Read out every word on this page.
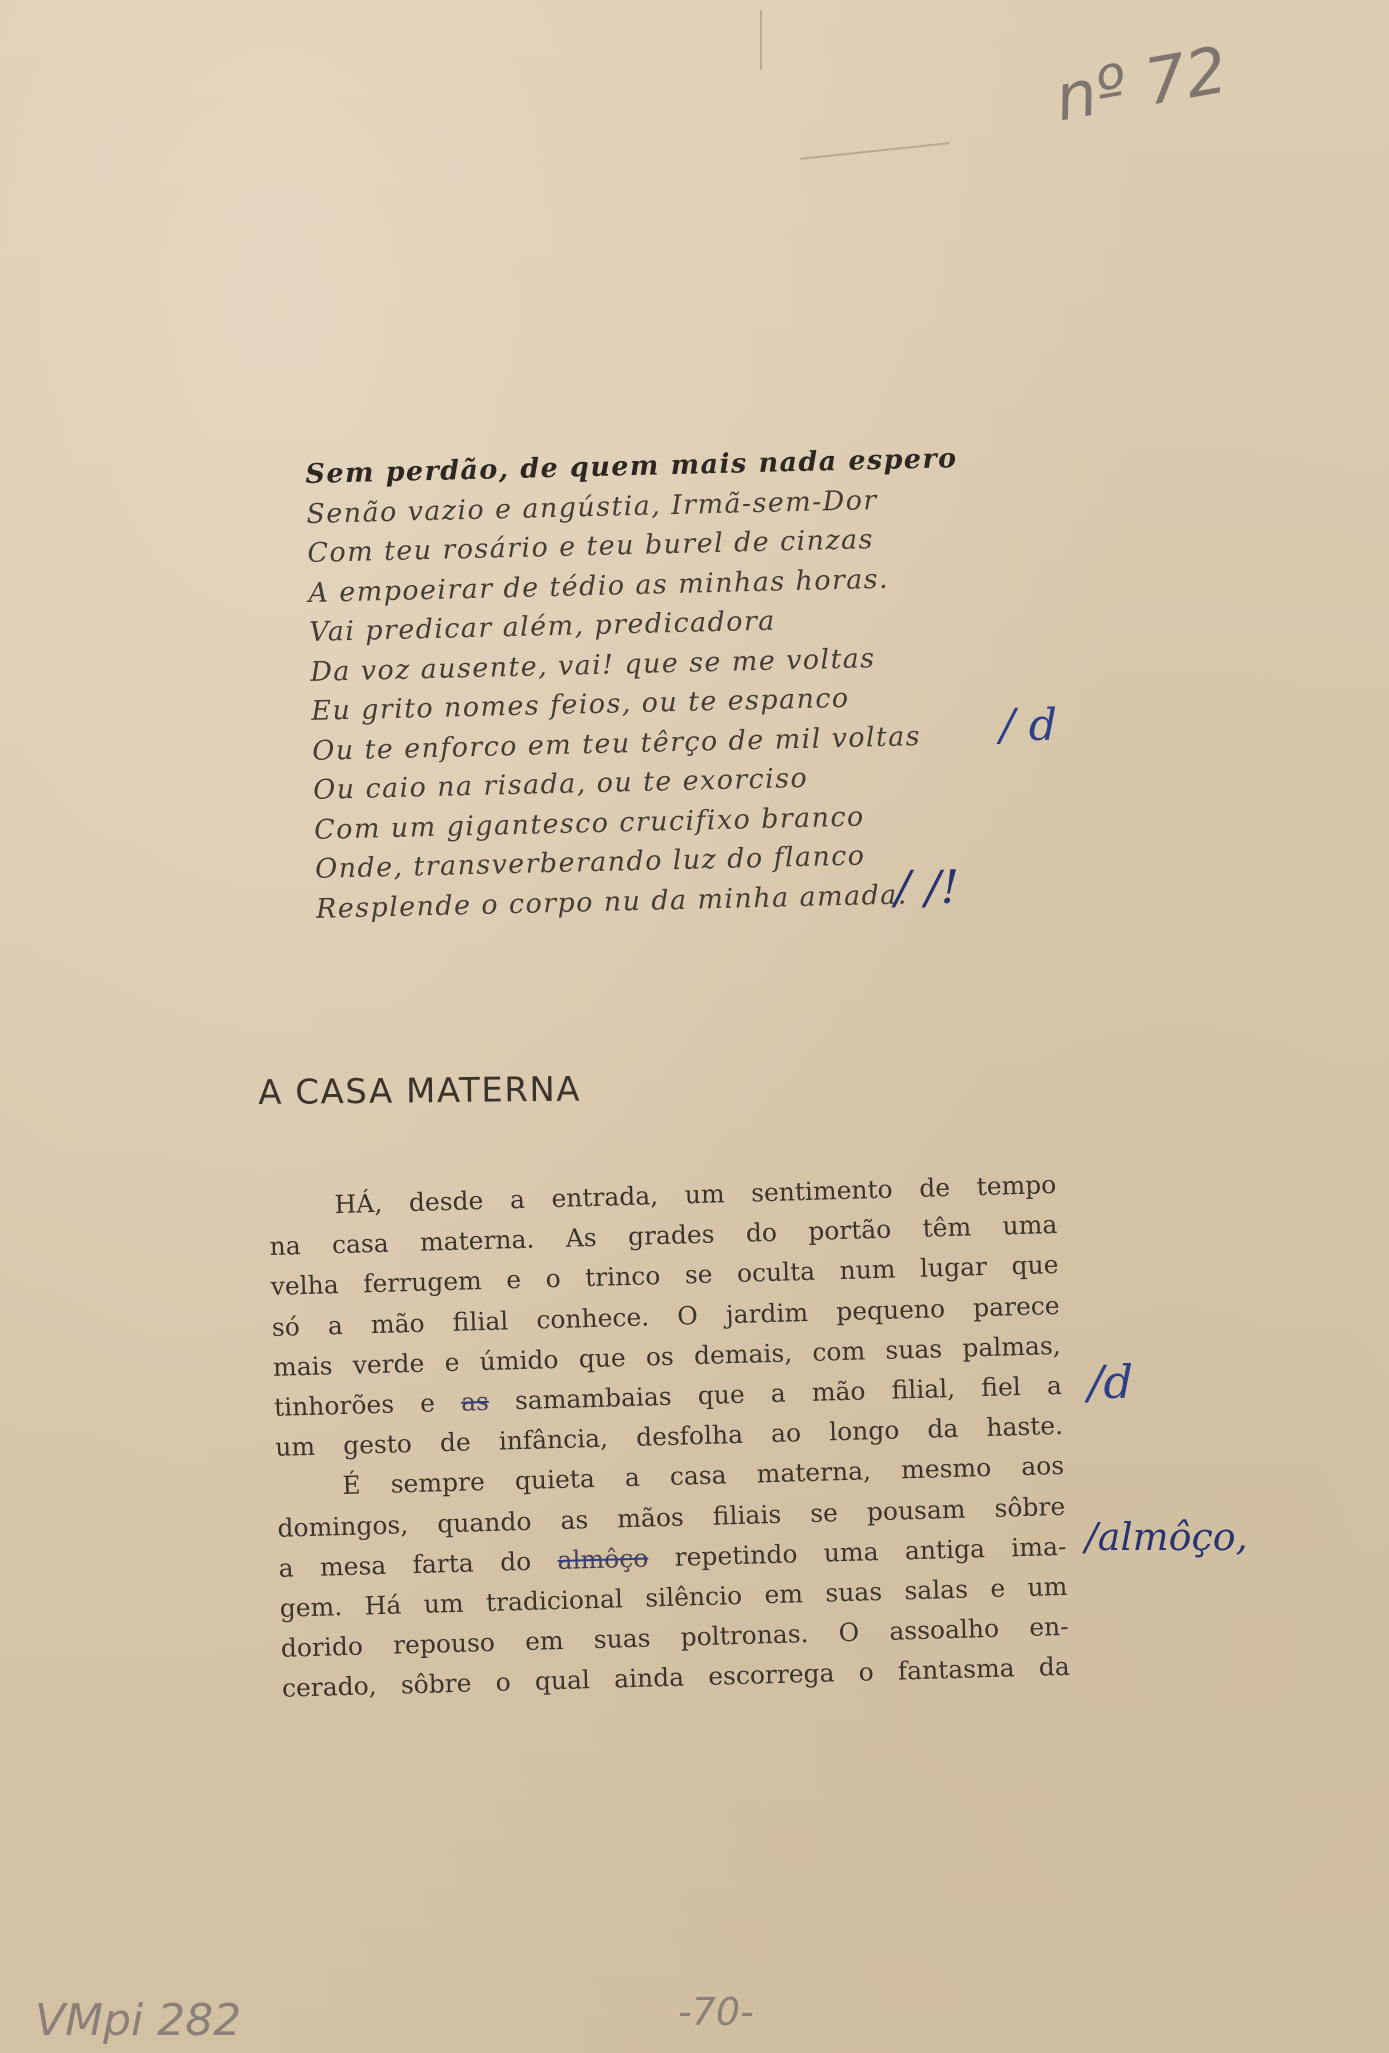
nº 72
Sem perdão, de quem mais nada espero
Senão vazio e angústia, Irmã-sem-Dor
Com teu rosário e teu burel de cinzas
A empoeirar de tédio as minhas horas.
Vai predicar além, predicadora
Da voz ausente, vai! que se me voltas
Eu grito nomes feios, ou te espanco
Ou te enforco em teu têrço de mil voltas
Ou caio na risada, ou te exorciso
Com um gigantesco crucifixo branco
Onde, transverberando luz do flanco
Resplende o corpo nu da minha amada.
/ d
/ /!
A CASA MATERNA
HÁ, desde a entrada, um sentimento de tempo
na casa materna. As grades do portão têm uma
velha ferrugem e o trinco se oculta num lugar que
só a mão filial conhece. O jardim pequeno parece
mais verde e úmido que os demais, com suas palmas,
tinhorões e as samambaias que a mão filial, fiel a
um gesto de infância, desfolha ao longo da haste.
É sempre quieta a casa materna, mesmo aos
domingos, quando as mãos filiais se pousam sôbre
a mesa farta do almôço repetindo uma antiga ima-
gem. Há um tradicional silêncio em suas salas e um
dorido repouso em suas poltronas. O assoalho en-
cerado, sôbre o qual ainda escorrega o fantasma da
/d
/almôço,
-70-
VMpi 282
